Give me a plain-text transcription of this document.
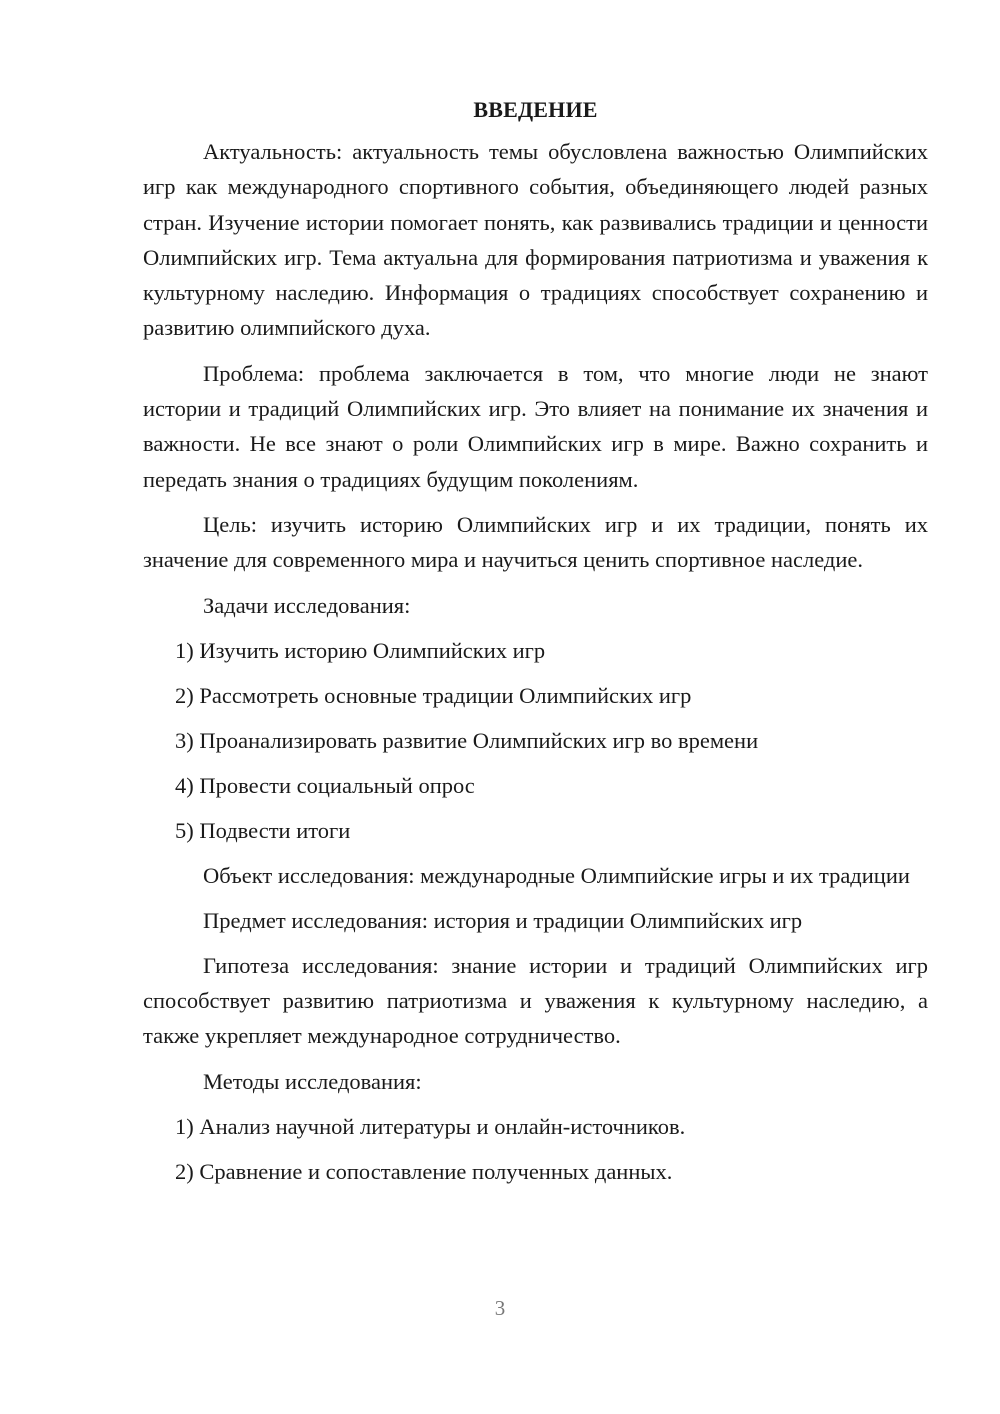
ВВЕДЕНИЕ

Актуальность: актуальность темы обусловлена важностью Олимпийских игр как международного спортивного события, объединяющего людей разных стран. Изучение истории помогает понять, как развивались традиции и ценности Олимпийских игр. Тема актуальна для формирования патриотизма и уважения к культурному наследию. Информация о традициях способствует сохранению и развитию олимпийского духа.

Проблема: проблема заключается в том, что многие люди не знают истории и традиций Олимпийских игр. Это влияет на понимание их значения и важности. Не все знают о роли Олимпийских игр в мире. Важно сохранить и передать знания о традициях будущим поколениям.

Цель: изучить историю Олимпийских игр и их традиции, понять их значение для современного мира и научиться ценить спортивное наследие.

Задачи исследования:

1) Изучить историю Олимпийских игр
2) Рассмотреть основные традиции Олимпийских игр
3) Проанализировать развитие Олимпийских игр во времени
4) Провести социальный опрос
5) Подвести итоги

Объект исследования: международные Олимпийские игры и их традиции

Предмет исследования: история и традиции Олимпийских игр

Гипотеза исследования: знание истории и традиций Олимпийских игр способствует развитию патриотизма и уважения к культурному наследию, а также укрепляет международное сотрудничество.

Методы исследования:

1) Анализ научной литературы и онлайн-источников.
2) Сравнение и сопоставление полученных данных.
3
